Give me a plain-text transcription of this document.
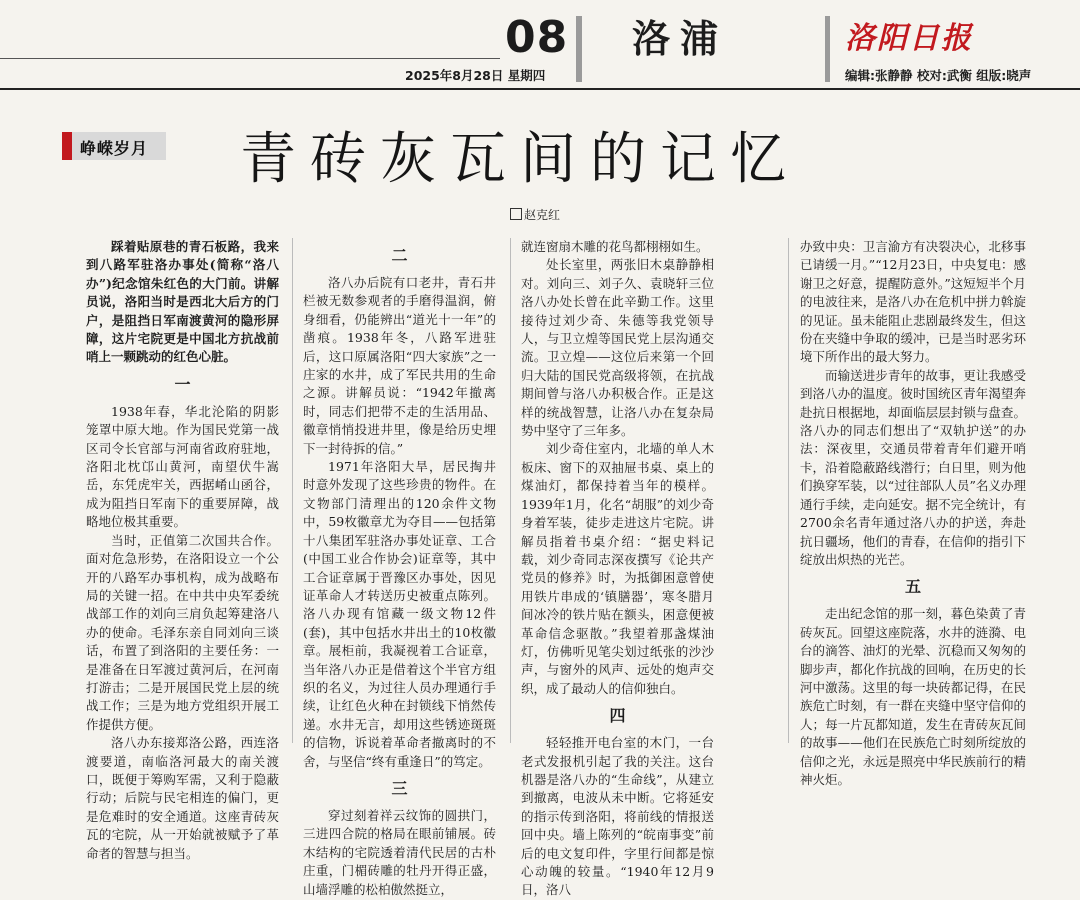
08
2025年8月28日 星期四
洛浦	洛阳日报
编辑:张静静 校对:武衡 组版:晓声
峥嵘岁月 青砖灰瓦间的记忆
赵克红

踩着贴原巷的青石板路，我来到八路军驻洛办事处(简称“洛八办”)纪念馆朱红色的大门前。讲解员说，洛阳当时是西北大后方的门户，是阻挡日军南渡黄河的隐形屏障，这片宅院更是中国北方抗战前哨上一颗跳动的红色心脏。

一

1938年春，华北沦陷的阴影笼罩中原大地。作为国民党第一战区司令长官部与河南省政府驻地，洛阳北枕邙山黄河，南望伏牛嵩岳，东凭虎牢关，西据崤山函谷，成为阻挡日军南下的重要屏障，战略地位极其重要。

当时，正值第二次国共合作。面对危急形势，在洛阳设立一个公开的八路军办事机构，成为战略布局的关键一招。在中共中央军委统战部工作的刘向三肩负起筹建洛八办的使命。毛泽东亲自同刘向三谈话，布置了到洛阳的主要任务：一是准备在日军渡过黄河后，在河南打游击；二是开展国民党上层的统战工作；三是为地方党组织开展工作提供方便。

洛八办东接郑洛公路，西连洛渡要道，南临洛河最大的南关渡口，既便于筹购军需，又利于隐蔽行动；后院与民宅相连的偏门，更是危难时的安全通道。这座青砖灰瓦的宅院，从一开始就被赋予了革命者的智慧与担当。

二

洛八办后院有口老井，青石井栏被无数参观者的手磨得温润，俯身细看，仍能辨出“道光十一年”的凿痕。1938年冬，八路军进驻后，这口原属洛阳“四大家族”之一庄家的水井，成了军民共用的生命之源。讲解员说：“1942年撤离时，同志们把带不走的生活用品、徽章悄悄投进井里，像是给历史埋下一封待拆的信。”

1971年洛阳大旱，居民掏井时意外发现了这些珍贵的物件。在文物部门清理出的120余件文物中，59枚徽章尤为夺目——包括第十八集团军驻洛办事处证章、工合(中国工业合作协会)证章等，其中工合证章属于晋豫区办事处，因见证革命人才转送历史被重点陈列。洛八办现有馆藏一级文物12件(套)，其中包括水井出土的10枚徽章。展柜前，我凝视着工合证章，当年洛八办正是借着这个半官方组织的名义，为过往人员办理通行手续，让红色火种在封锁线下悄然传递。水井无言，却用这些锈迹斑斑的信物，诉说着革命者撤离时的不舍，与坚信“终有重逢日”的笃定。

三

穿过刻着祥云纹饰的圆拱门，三进四合院的格局在眼前铺展。砖木结构的宅院透着清代民居的古朴庄重，门楣砖雕的牡丹开得正盛，山墙浮雕的松柏傲然挺立，

就连窗扇木雕的花鸟都栩栩如生。

处长室里，两张旧木桌静静相对。刘向三、刘子久、袁晓轩三位洛八办处长曾在此辛勤工作。这里接待过刘少奇、朱德等我党领导人，与卫立煌等国民党上层沟通交流。卫立煌——这位后来第一个回归大陆的国民党高级将领，在抗战期间曾与洛八办积极合作。正是这样的统战智慧，让洛八办在复杂局势中坚守了三年多。

刘少奇住室内，北墙的单人木板床、窗下的双抽屉书桌、桌上的煤油灯，都保持着当年的模样。1939年1月，化名“胡服”的刘少奇身着军装，徒步走进这片宅院。讲解员指着书桌介绍：“据史料记载，刘少奇同志深夜撰写《论共产党员的修养》时，为抵御困意曾使用铁片串成的‘镇膳器’，寒冬腊月间冰冷的铁片贴在额头，困意便被革命信念驱散。”我望着那盏煤油灯，仿佛听见笔尖划过纸张的沙沙声，与窗外的风声、远处的炮声交织，成了最动人的信仰独白。

四

轻轻推开电台室的木门，一台老式发报机引起了我的关注。这台机器是洛八办的“生命线”，从建立到撤离，电波从未中断。它将延安的指示传到洛阳，将前线的情报送回中央。墙上陈列的“皖南事变”前后的电文复印件，字里行间都是惊心动魄的较量。“1940年12月9日，洛八

办致中央：卫言渝方有决裂决心，北移事已请缓一月。”“12月23日，中央复电：感谢卫之好意，提醒防意外。”这短短半个月的电波往来，是洛八办在危机中拼力斡旋的见证。虽未能阻止悲剧最终发生，但这份在夹缝中争取的缓冲，已是当时恶劣环境下所作出的最大努力。

而输送进步青年的故事，更让我感受到洛八办的温度。彼时国统区青年渴望奔赴抗日根据地，却面临层层封锁与盘查。洛八办的同志们想出了“双轨护送”的办法：深夜里，交通员带着青年们避开哨卡，沿着隐蔽路线潜行；白日里，则为他们换穿军装，以“过往部队人员”名义办理通行手续，走向延安。据不完全统计，有2700余名青年通过洛八办的护送，奔赴抗日疆场，他们的青春，在信仰的指引下绽放出炽热的光芒。

五

走出纪念馆的那一刻，暮色染黄了青砖灰瓦。回望这座院落，水井的涟漪、电台的滴答、油灯的光晕、沉稳而又匆匆的脚步声，都化作抗战的回响，在历史的长河中激荡。这里的每一块砖都记得，在民族危亡时刻，有一群在夹缝中坚守信仰的人；每一片瓦都知道，发生在青砖灰瓦间的故事——他们在民族危亡时刻所绽放的信仰之光，永远是照亮中华民族前行的精神火炬。
